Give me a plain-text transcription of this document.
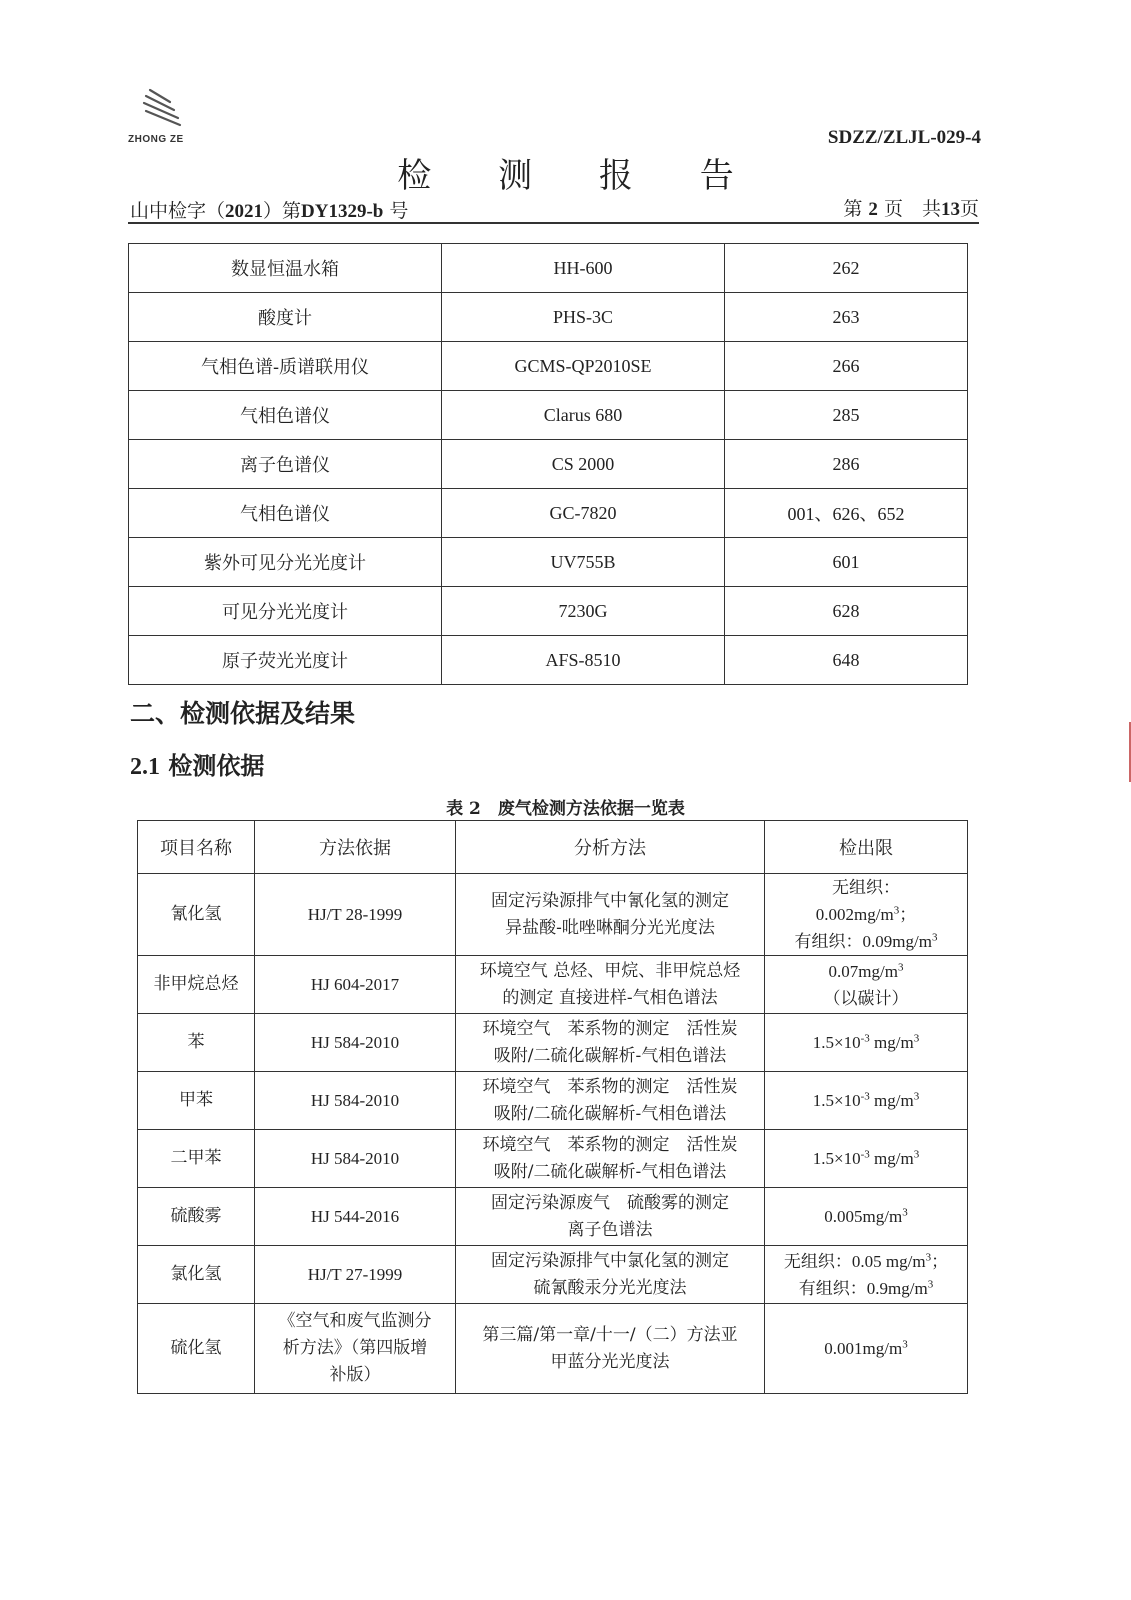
ZHONG ZE	SDZZ/ZLJL-029-4
检 测 报 告
山中检字（2021）第DY1329-b 号	第 2 页　共13页
数显恒温水箱	HH-600	262
酸度计	PHS-3C	263
气相色谱-质谱联用仪	GCMS-QP2010SE	266
气相色谱仪	Clarus 680	285
离子色谱仪	CS 2000	286
气相色谱仪	GC-7820	001、626、652
紫外可见分光光度计	UV755B	601
可见分光光度计	7230G	628
原子荧光光度计	AFS-8510	648
二、检测依据及结果
2.1 检测依据
表 2　废气检测方法依据一览表
项目名称	方法依据	分析方法	检出限
氰化氢	HJ/T 28-1999	固定污染源排气中氰化氢的测定
异盐酸-吡唑啉酮分光光度法	无组织：
$0.002mg/m^3$；
有组织：$0.09mg/m^3$
非甲烷总烃	HJ 604-2017	环境空气 总烃、甲烷、非甲烷总烃
的测定 直接进样-气相色谱法	$0.07mg/m^3$
（以碳计）
苯	HJ 584-2010	环境空气　苯系物的测定　活性炭
吸附/二硫化碳解析-气相色谱法	$1.5\times 10^{-3}$ $mg/m^3$
甲苯	HJ 584-2010	环境空气　苯系物的测定　活性炭
吸附/二硫化碳解析-气相色谱法	$1.5\times 10^{-3}$ $mg/m^3$
二甲苯	HJ 584-2010	环境空气　苯系物的测定　活性炭
吸附/二硫化碳解析-气相色谱法	$1.5\times 10^{-3}$ $mg/m^3$
硫酸雾	HJ 544-2016	固定污染源废气　硫酸雾的测定
离子色谱法	$0.005mg/m^3$
氯化氢	HJ/T 27-1999	固定污染源排气中氯化氢的测定
硫氰酸汞分光光度法	无组织：0.05 $mg/m^3$；
有组织：$0.9mg/m^3$
硫化氢	《空气和废气监测分
析方法》（第四版增
补版）	第三篇/第一章/十一/（二）方法亚
甲蓝分光光度法	$0.001mg/m^3$
